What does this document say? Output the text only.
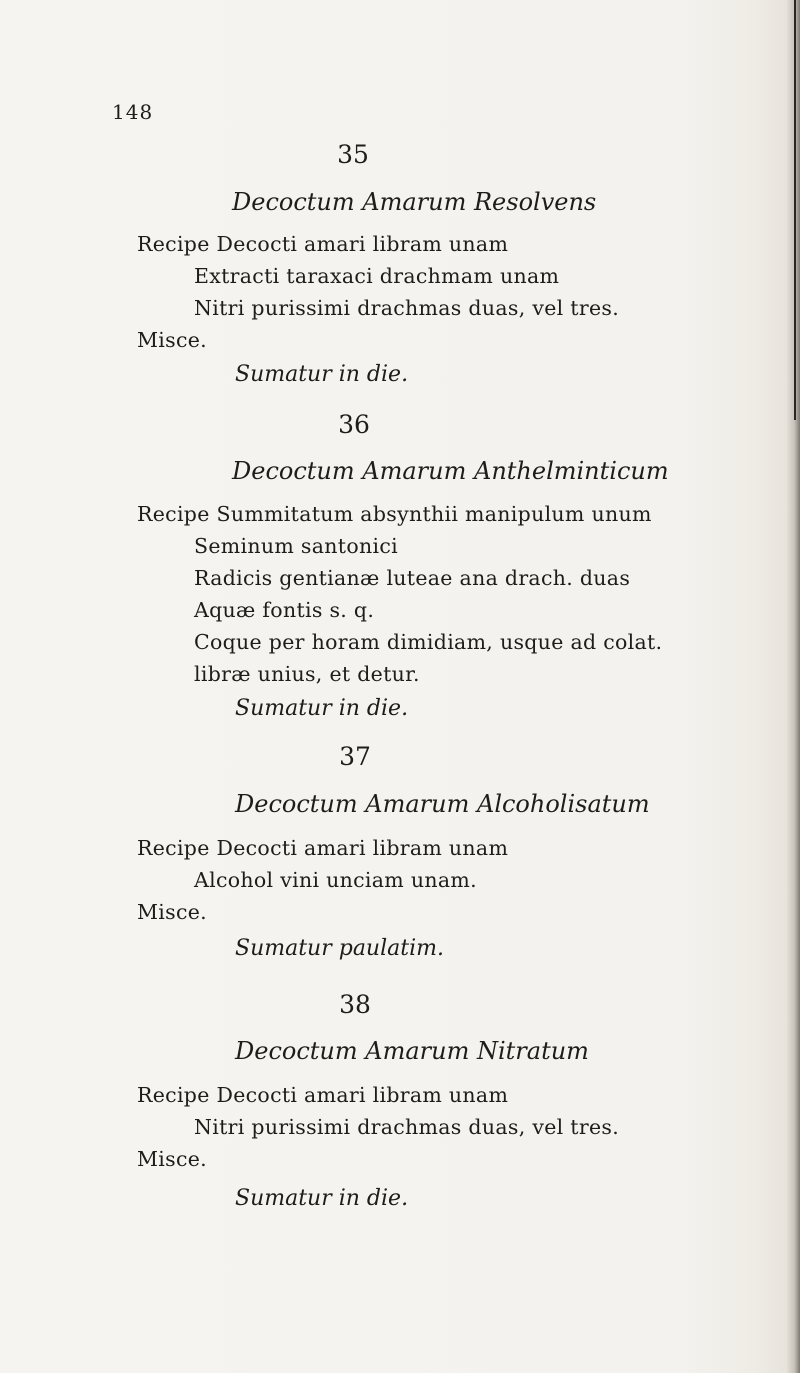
148
35
Decoctum Amarum Resolvens
Recipe Decocti amari libram unam
Extracti taraxaci drachmam unam
Nitri purissimi drachmas duas, vel tres.
Misce.
Sumatur in die.
36
Decoctum Amarum Anthelminticum
Recipe Summitatum absynthii manipulum unum
Seminum santonici
Radicis gentianæ luteae ana drach. duas
Aquæ fontis s. q.
Coque per horam dimidiam, usque ad colat.
libræ unius, et detur.
Sumatur in die.
37
Decoctum Amarum Alcoholisatum
Recipe Decocti amari libram unam
Alcohol vini unciam unam.
Misce.
Sumatur paulatim.
38
Decoctum Amarum Nitratum
Recipe Decocti amari libram unam
Nitri purissimi drachmas duas, vel tres.
Misce.
Sumatur in die.
